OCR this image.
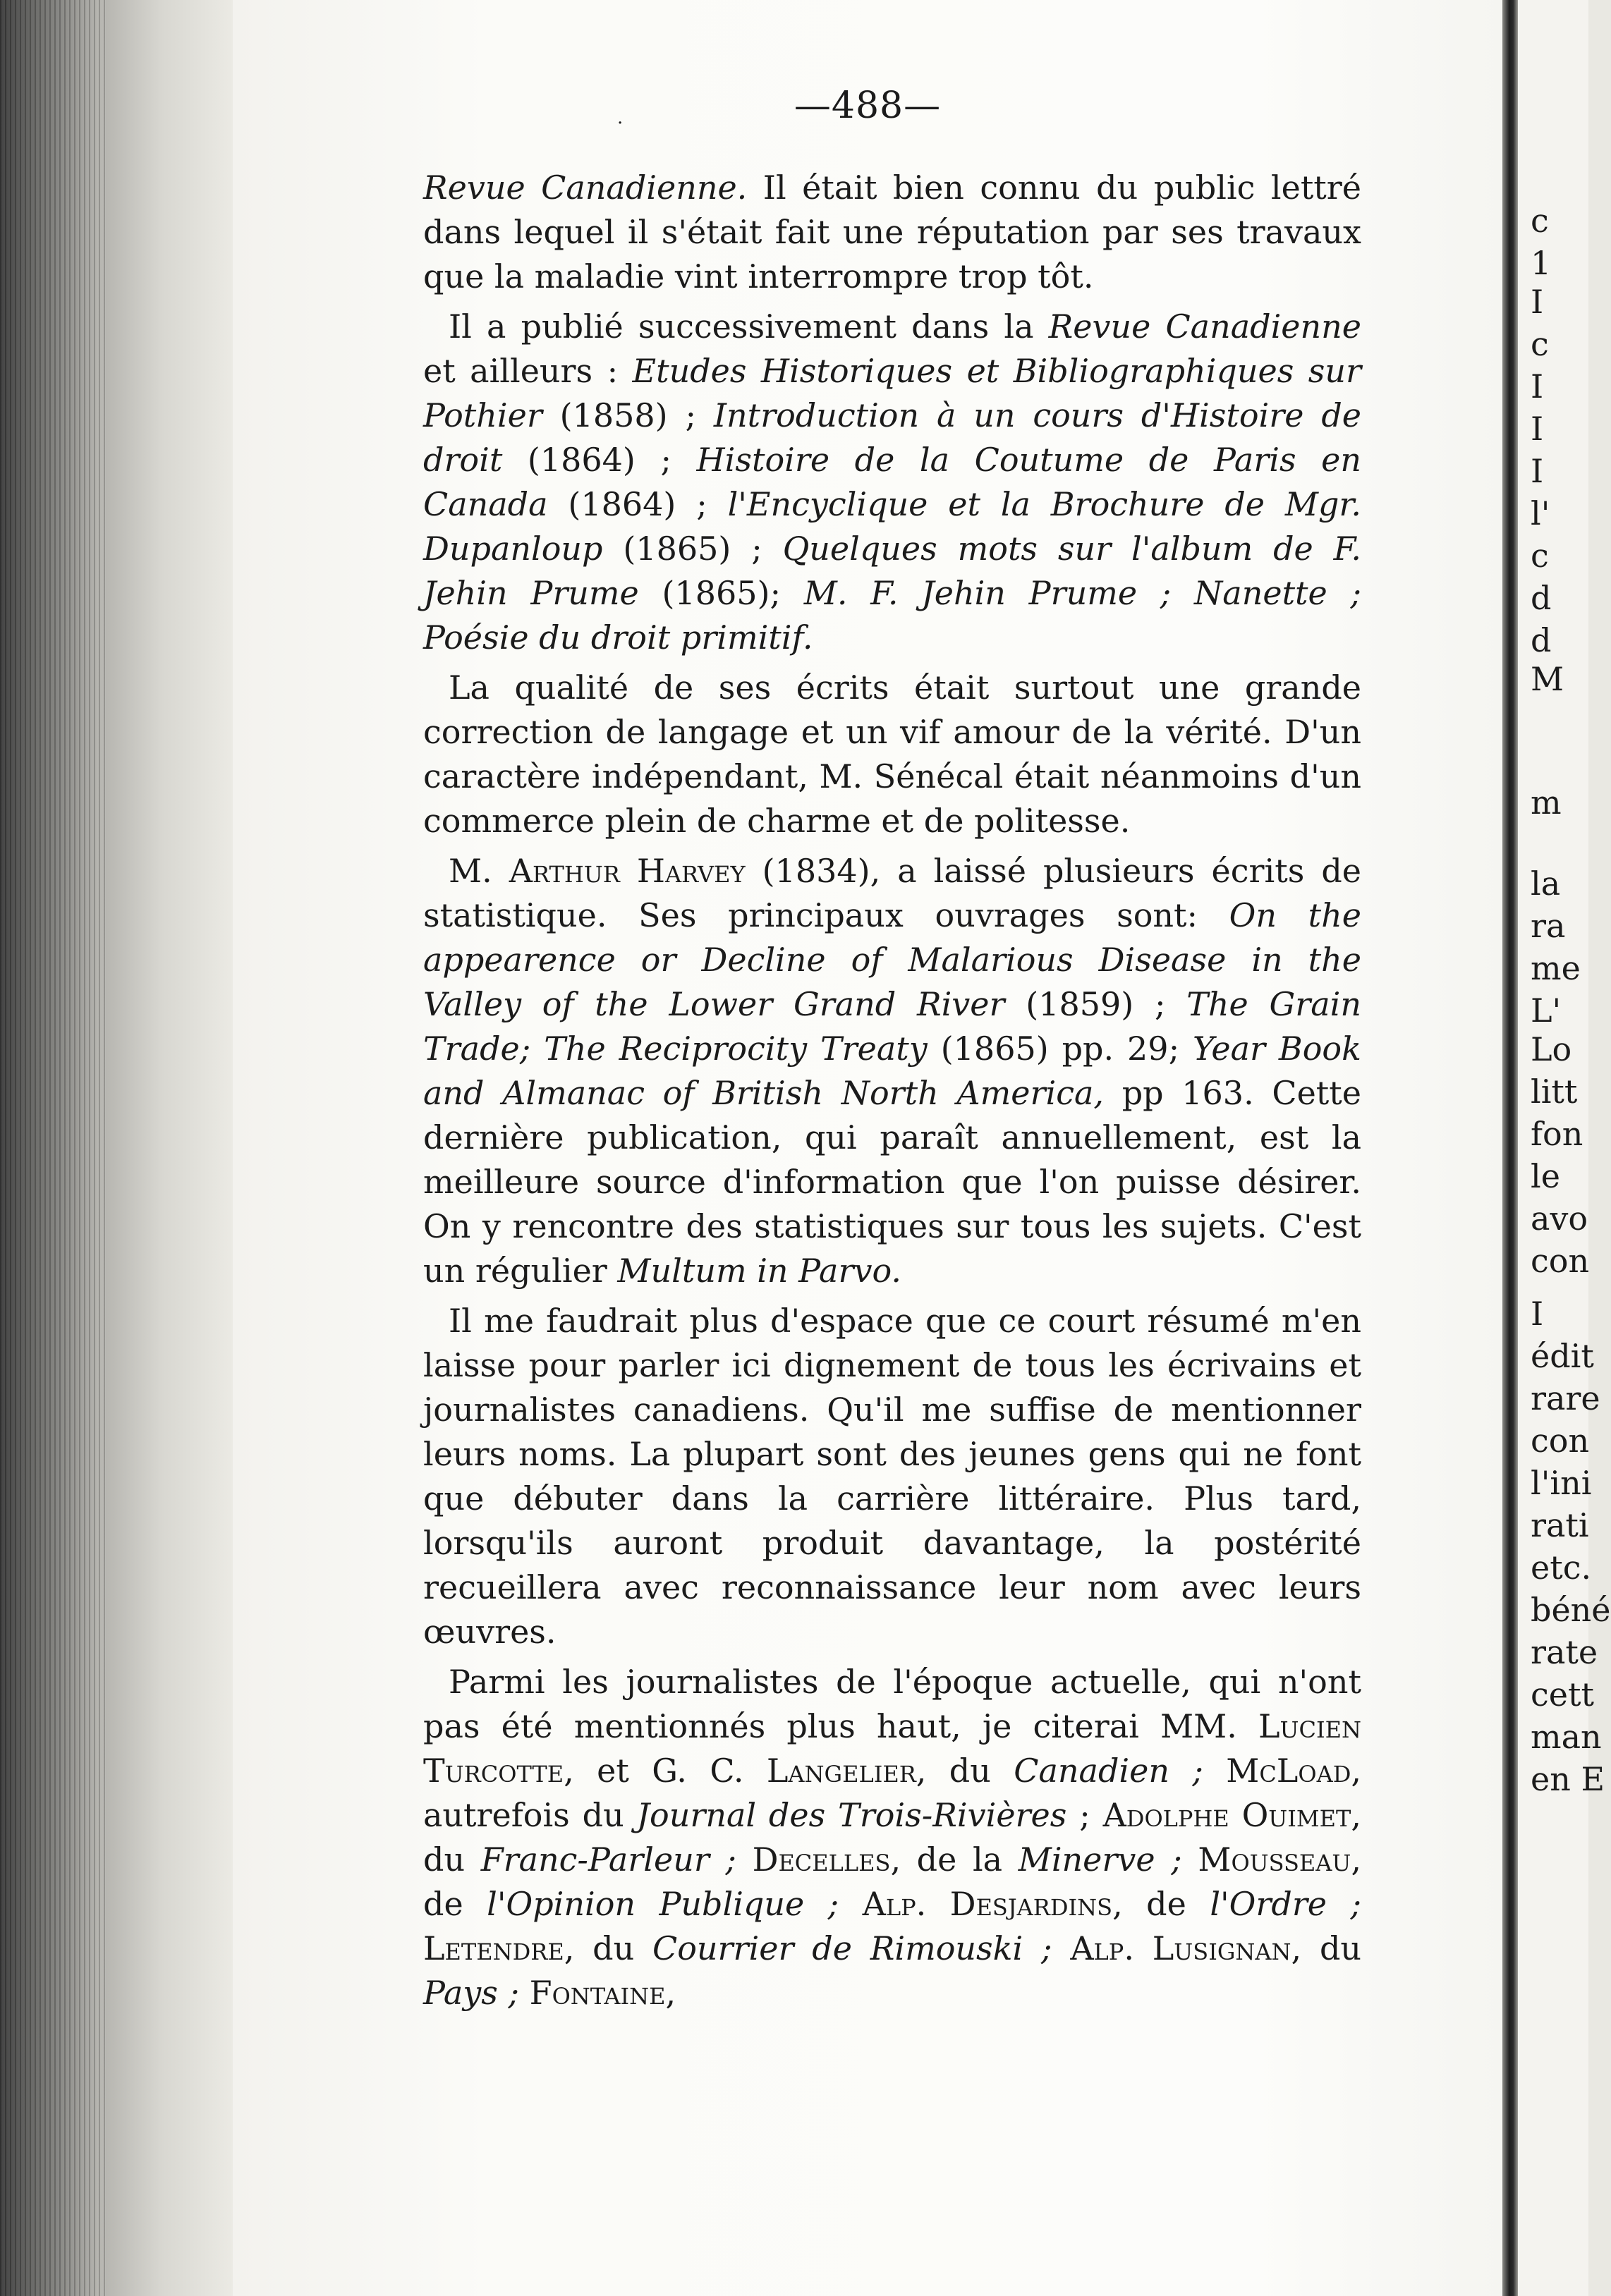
·	—488—

Revue Canadienne. Il était bien connu du public lettré dans lequel il s'était fait une réputation par ses travaux que la maladie vint interrompre trop tôt.

Il a publié successivement dans la Revue Canadienne et ailleurs : Etudes Historiques et Bibliographiques sur Pothier (1858) ; Introduction à un cours d'Histoire de droit (1864) ; Histoire de la Coutume de Paris en Canada (1864) ; l'Encyclique et la Brochure de Mgr. Dupanloup (1865) ; Quelques mots sur l'album de F. Jehin Prume (1865); M. F. Jehin Prume ; Nanette ; Poésie du droit primitif.

La qualité de ses écrits était surtout une grande correction de langage et un vif amour de la vérité. D'un caractère indépendant, M. Sénécal était néanmoins d'un commerce plein de charme et de politesse.

M. Arthur Harvey (1834), a laissé plusieurs écrits de statistique. Ses principaux ouvrages sont: On the appearence or Decline of Malarious Disease in the Valley of the Lower Grand River (1859) ; The Grain Trade; The Reciprocity Treaty (1865) pp. 29; Year Book and Almanac of British North America, pp 163. Cette dernière publication, qui paraît annuellement, est la meilleure source d'information que l'on puisse désirer. On y rencontre des statistiques sur tous les sujets. C'est un régulier Multum in Parvo.

Il me faudrait plus d'espace que ce court résumé m'en laisse pour parler ici dignement de tous les écrivains et journalistes canadiens. Qu'il me suffise de mentionner leurs noms. La plupart sont des jeunes gens qui ne font que débuter dans la carrière littéraire. Plus tard, lorsqu'ils auront produit davantage, la postérité recueillera avec reconnaissance leur nom avec leurs œuvres.

Parmi les journalistes de l'époque actuelle, qui n'ont pas été mentionnés plus haut, je citerai MM. Lucien Turcotte, et G. C. Langelier, du Canadien ; McLoad, autrefois du Journal des Trois-Rivières ; Adolphe Ouimet, du Franc-Parleur ; Decelles, de la Minerve ; Mousseau, de l'Opinion Publique ; Alp. Desjardins, de l'Ordre ; Letendre, du Courrier de Rimouski ; Alp. Lusignan, du Pays ; Fontaine,

c
1
I
c
I
I
I
l'
c
d
d
M
m
la
ra
me
L'
Lo
litt
fon
le
avo
con
I
édit
rare
con
l'ini
rati
etc.
béné
rate
cett
man
en E
